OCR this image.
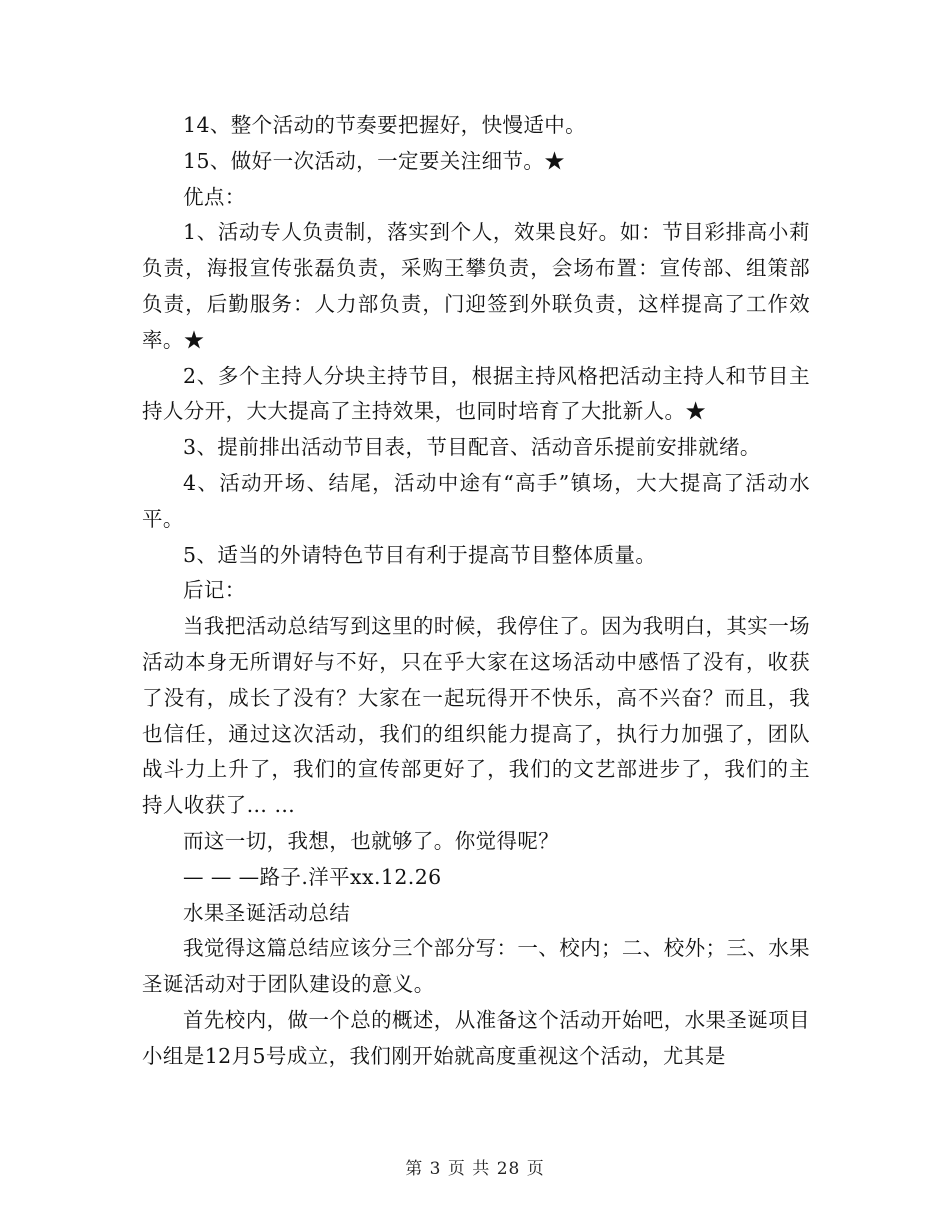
14、整个活动的节奏要把握好，快慢适中。

15、做好一次活动，一定要关注细节。★

优点：

1、活动专人负责制，落实到个人，效果良好。如：节目彩排高小莉负责，海报宣传张磊负责，采购王攀负责，会场布置：宣传部、组策部负责，后勤服务：人力部负责，门迎签到外联负责，这样提高了工作效率。★

2、多个主持人分块主持节目，根据主持风格把活动主持人和节目主持人分开，大大提高了主持效果，也同时培育了大批新人。★

3、提前排出活动节目表，节目配音、活动音乐提前安排就绪。

4、活动开场、结尾，活动中途有“高手”镇场，大大提高了活动水平。

5、适当的外请特色节目有利于提高节目整体质量。

后记：

当我把活动总结写到这里的时候，我停住了。因为我明白，其实一场活动本身无所谓好与不好，只在乎大家在这场活动中感悟了没有，收获了没有，成长了没有？大家在一起玩得开不快乐，高不兴奋？而且，我也信任，通过这次活动，我们的组织能力提高了，执行力加强了，团队战斗力上升了，我们的宣传部更好了，我们的文艺部进步了，我们的主持人收获了… …

而这一切，我想，也就够了。你觉得呢？

— — —路子.洋平xx.12.26

水果圣诞活动总结

我觉得这篇总结应该分三个部分写：一、校内；二、校外；三、水果圣诞活动对于团队建设的意义。

首先校内，做一个总的概述，从准备这个活动开始吧，水果圣诞项目小组是12月5号成立，我们刚开始就高度重视这个活动，尤其是

第 3 页 共 28 页
